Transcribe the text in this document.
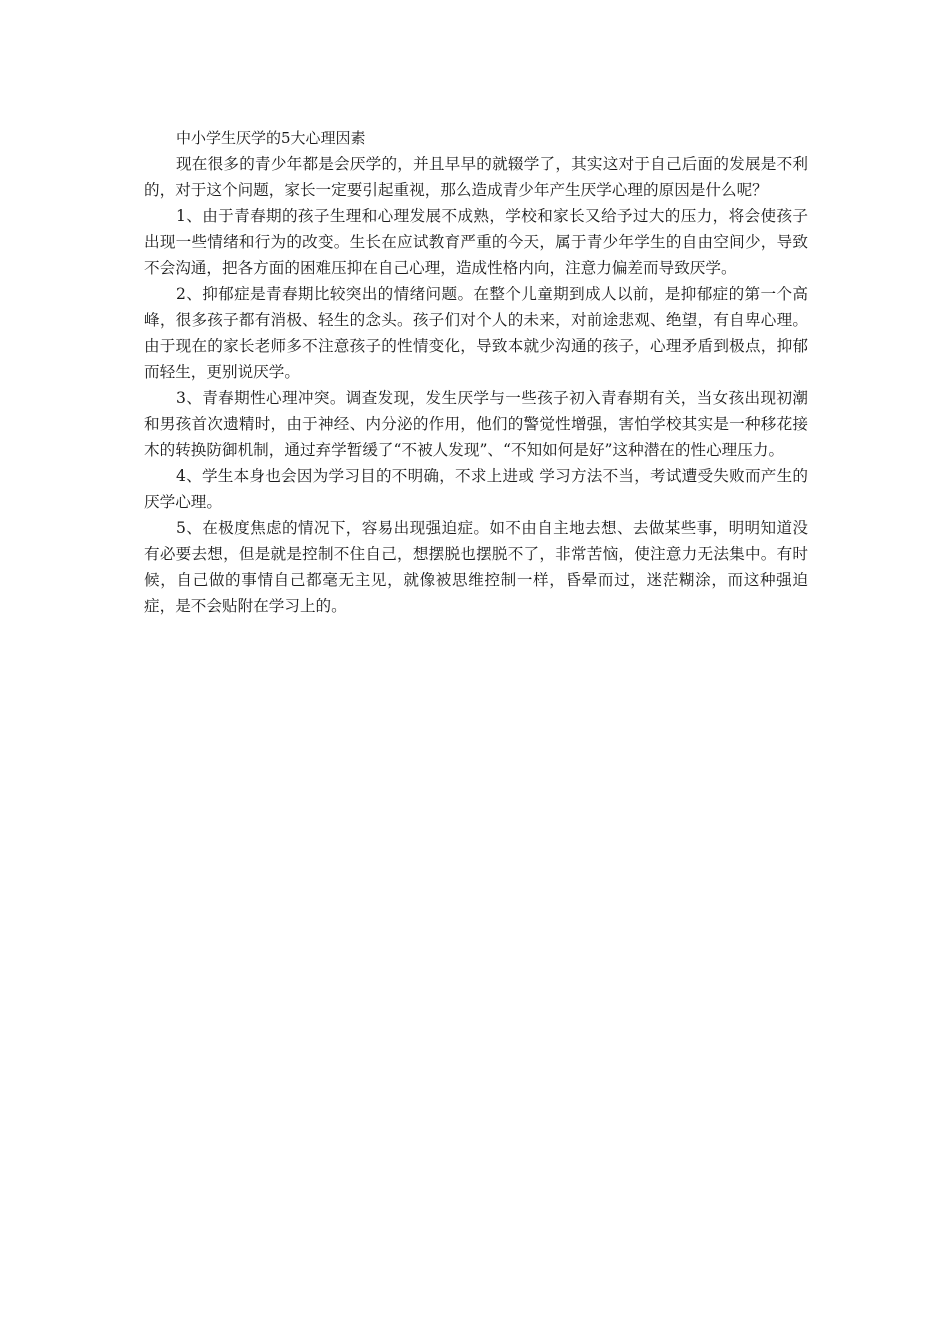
中小学生厌学的5大心理因素

现在很多的青少年都是会厌学的，并且早早的就辍学了，其实这对于自己后面的发展是不利的，对于这个问题，家长一定要引起重视，那么造成青少年产生厌学心理的原因是什么呢？

1、由于青春期的孩子生理和心理发展不成熟，学校和家长又给予过大的压力，将会使孩子出现一些情绪和行为的改变。生长在应试教育严重的今天，属于青少年学生的自由空间少，导致不会沟通，把各方面的困难压抑在自己心理，造成性格内向，注意力偏差而导致厌学。

2、抑郁症是青春期比较突出的情绪问题。在整个儿童期到成人以前，是抑郁症的第一个高峰，很多孩子都有消极、轻生的念头。孩子们对个人的未来，对前途悲观、绝望，有自卑心理。由于现在的家长老师多不注意孩子的性情变化，导致本就少沟通的孩子，心理矛盾到极点，抑郁而轻生，更别说厌学。

3、青春期性心理冲突。调查发现，发生厌学与一些孩子初入青春期有关，当女孩出现初潮和男孩首次遗精时，由于神经、内分泌的作用，他们的警觉性增强，害怕学校其实是一种移花接木的转换防御机制，通过弃学暂缓了“不被人发现”、“不知如何是好”这种潜在的性心理压力。

4、学生本身也会因为学习目的不明确，不求上进或 学习方法不当，考试遭受失败而产生的厌学心理。

5、在极度焦虑的情况下，容易出现强迫症。如不由自主地去想、去做某些事，明明知道没有必要去想，但是就是控制不住自己，想摆脱也摆脱不了，非常苦恼，使注意力无法集中。有时候，自己做的事情自己都毫无主见，就像被思维控制一样，昏晕而过，迷茫糊涂，而这种强迫症，是不会贴附在学习上的。
